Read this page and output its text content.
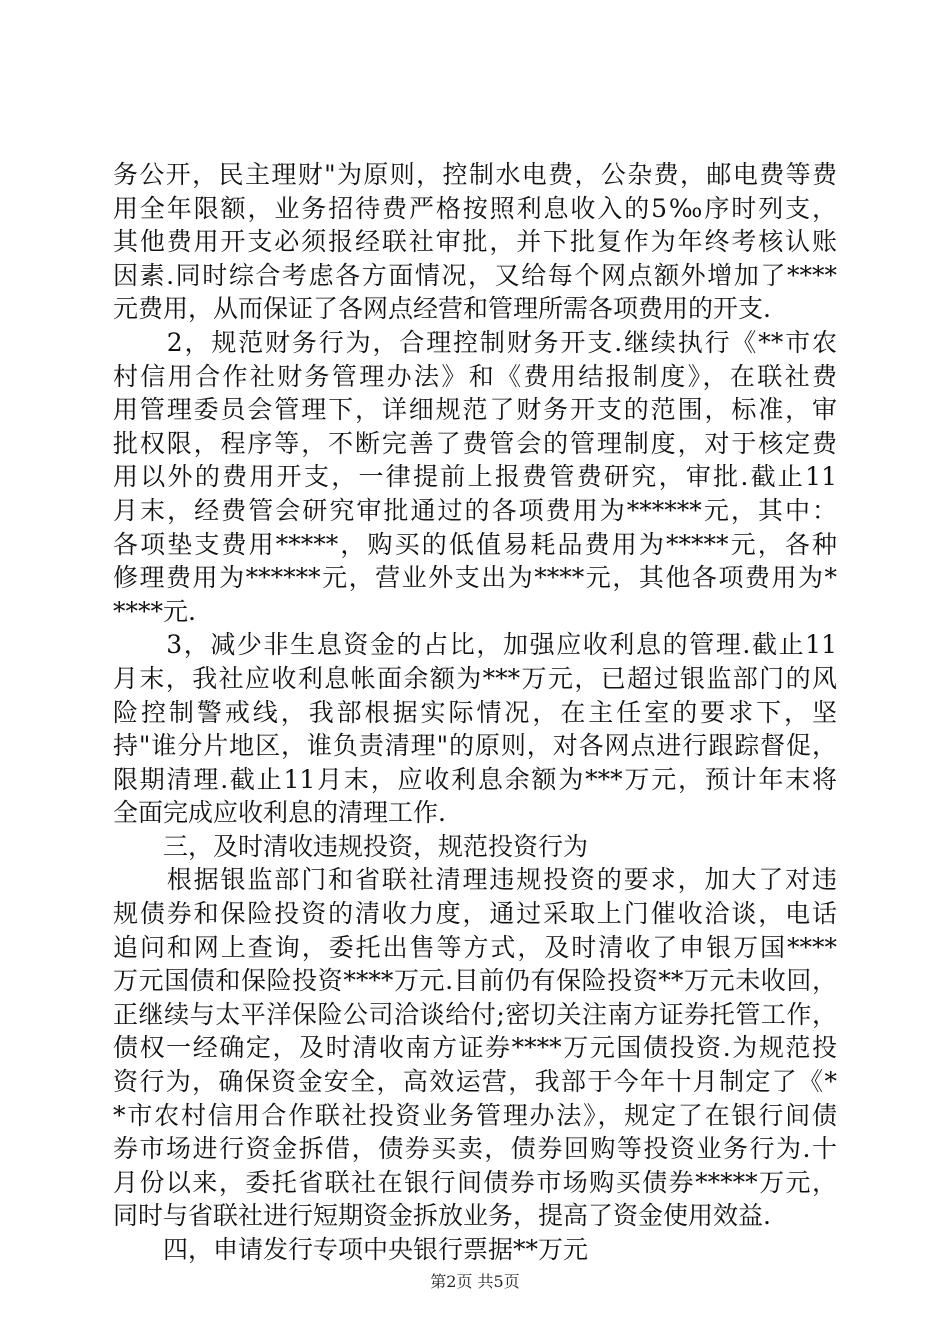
务公开，民主理财"为原则，控制水电费，公杂费，邮电费等费
用全年限额，业务招待费严格按照利息收入的5‰序时列支，
其他费用开支必须报经联社审批，并下批复作为年终考核认账
因素.同时综合考虑各方面情况，又给每个网点额外增加了****
元费用，从而保证了各网点经营和管理所需各项费用的开支.
　　2，规范财务行为，合理控制财务开支.继续执行《**市农
村信用合作社财务管理办法》和《费用结报制度》，在联社费
用管理委员会管理下，详细规范了财务开支的范围，标准，审
批权限，程序等，不断完善了费管会的管理制度，对于核定费
用以外的费用开支，一律提前上报费管费研究，审批.截止11
月末，经费管会研究审批通过的各项费用为******元，其中：
各项垫支费用*****，购买的低值易耗品费用为*****元，各种
修理费用为******元，营业外支出为****元，其他各项费用为*
****元.
　　3，减少非生息资金的占比，加强应收利息的管理.截止11
月末，我社应收利息帐面余额为***万元，已超过银监部门的风
险控制警戒线，我部根据实际情况，在主任室的要求下，坚
持"谁分片地区，谁负责清理"的原则，对各网点进行跟踪督促，
限期清理.截止11月末，应收利息余额为***万元，预计年末将
全面完成应收利息的清理工作.
　　三，及时清收违规投资，规范投资行为
　　根据银监部门和省联社清理违规投资的要求，加大了对违
规债券和保险投资的清收力度，通过采取上门催收洽谈，电话
追问和网上查询，委托出售等方式，及时清收了申银万国****
万元国债和保险投资****万元.目前仍有保险投资**万元未收回，
正继续与太平洋保险公司洽谈给付;密切关注南方证券托管工作，
债权一经确定，及时清收南方证券****万元国债投资.为规范投
资行为，确保资金安全，高效运营，我部于今年十月制定了《*
*市农村信用合作联社投资业务管理办法》，规定了在银行间债
券市场进行资金拆借，债券买卖，债券回购等投资业务行为.十
月份以来，委托省联社在银行间债券市场购买债券*****万元，
同时与省联社进行短期资金拆放业务，提高了资金使用效益.
　　四，申请发行专项中央银行票据**万元
第2页 共5页
